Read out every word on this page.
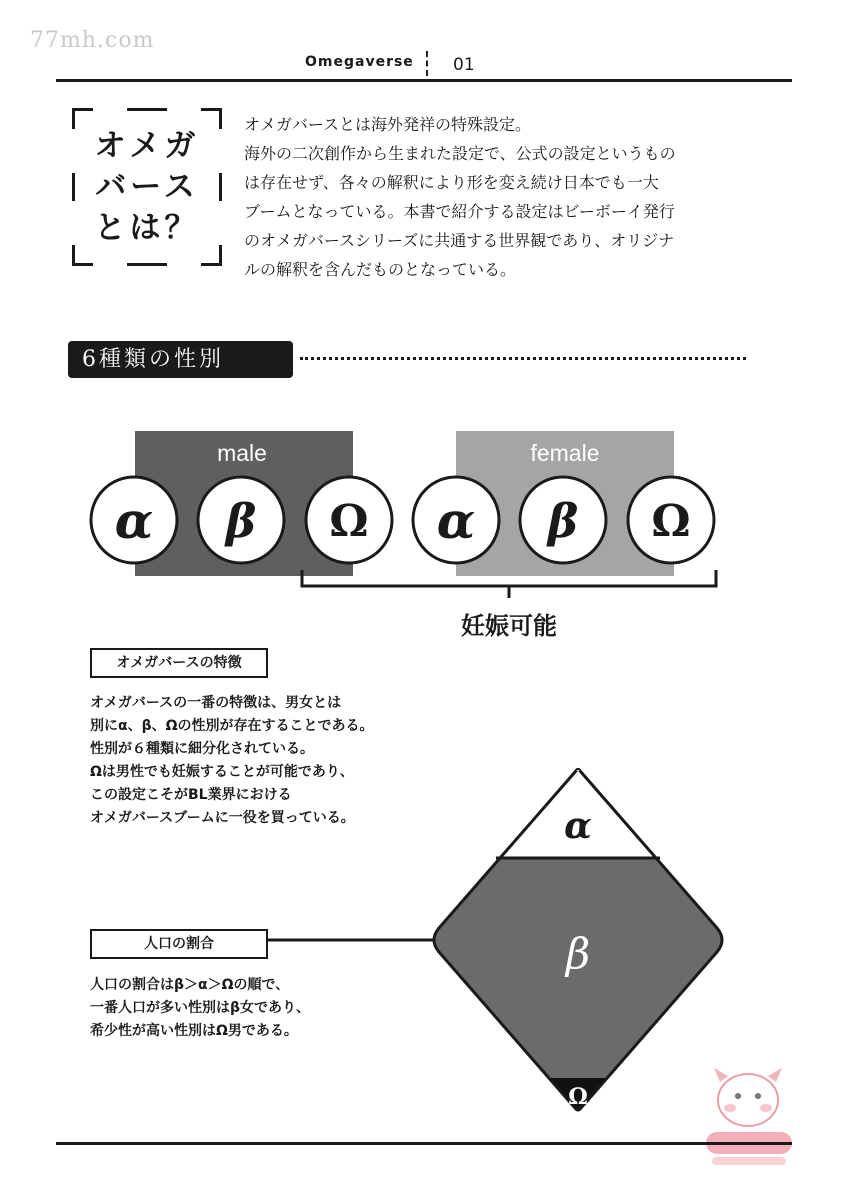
77mh.com
Omegaverse 01
オメガ
バース
とは？
オメガバースとは海外発祥の特殊設定。
海外の二次創作から生まれた設定で、公式の設定というもの
は存在せず、各々の解釈により形を変え続け日本でも一大
ブームとなっている。本書で紹介する設定はビーボーイ発行
のオメガバースシリーズに共通する世界観であり、オリジナ
ルの解釈を含んだものとなっている。
6種類の性別
male	female
α β Ω α β Ω
妊娠可能
オメガバースの特徴
オメガバースの一番の特徴は、男女とは
別にα、β、Ωの性別が存在することである。
性別が６種類に細分化されている。
Ωは男性でも妊娠することが可能であり、
この設定こそがBL業界における
オメガバースブームに一役を買っている。
人口の割合
人口の割合はβ＞α＞Ωの順で、
一番人口が多い性別はβ女であり、
希少性が高い性別はΩ男である。
α
β
Ω
